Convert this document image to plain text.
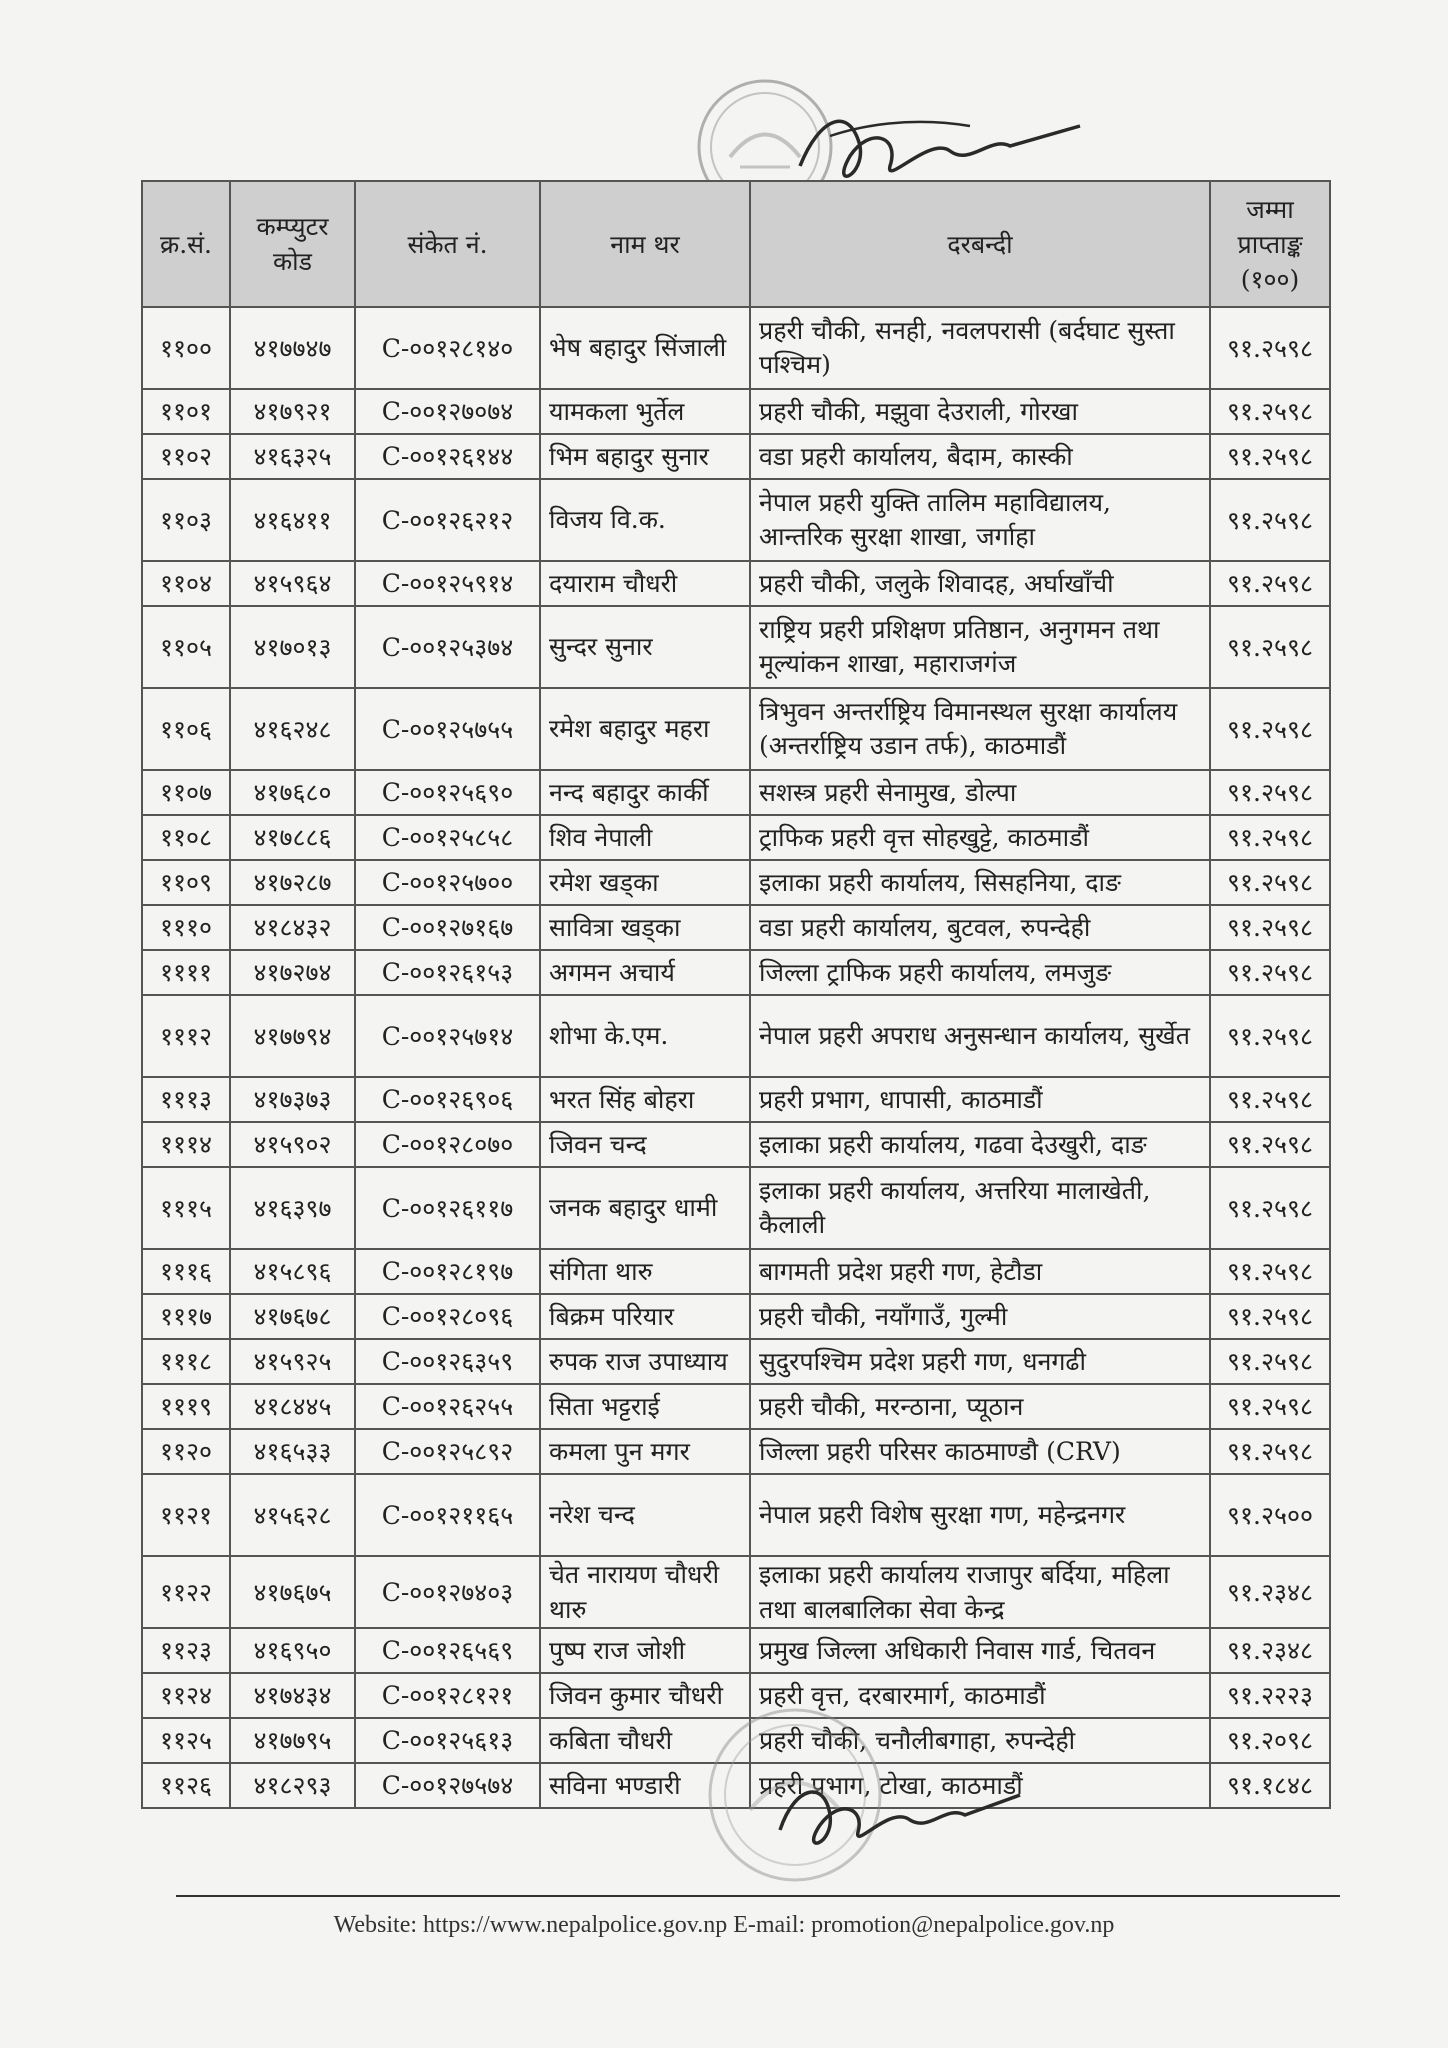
क्र.सं.	कम्प्युटर कोड	संकेत नं.	नाम थर	दरबन्दी	जम्मा प्राप्ताङ्क (१००)
११००	४१७७४७	C-००१२८१४०	भेष बहादुर सिंजाली	प्रहरी चौकी, सनही, नवलपरासी (बर्दघाट सुस्ता पश्चिम)	९१.२५९८
११०१	४१७९२१	C-००१२७०७४	यामकला भुर्तेल	प्रहरी चौकी, मझुवा देउराली, गोरखा	९१.२५९८
११०२	४१६३२५	C-००१२६१४४	भिम बहादुर सुनार	वडा प्रहरी कार्यालय, बैदाम, कास्की	९१.२५९८
११०३	४१६४११	C-००१२६२१२	विजय वि.क.	नेपाल प्रहरी युक्ति तालिम महाविद्यालय, आन्तरिक सुरक्षा शाखा, जर्गाहा	९१.२५९८
११०४	४१५९६४	C-००१२५९१४	दयाराम चौधरी	प्रहरी चौकी, जलुके शिवादह, अर्घाखाँची	९१.२५९८
११०५	४१७०१३	C-००१२५३७४	सुन्दर सुनार	राष्ट्रिय प्रहरी प्रशिक्षण प्रतिष्ठान, अनुगमन तथा मूल्यांकन शाखा, महाराजगंज	९१.२५९८
११०६	४१६२४८	C-००१२५७५५	रमेश बहादुर महरा	त्रिभुवन अन्तर्राष्ट्रिय विमानस्थल सुरक्षा कार्यालय (अन्तर्राष्ट्रिय उडान तर्फ), काठमाडौं	९१.२५९८
११०७	४१७६८०	C-००१२५६९०	नन्द बहादुर कार्की	सशस्त्र प्रहरी सेनामुख, डोल्पा	९१.२५९८
११०८	४१७८८६	C-००१२५८५८	शिव नेपाली	ट्राफिक प्रहरी वृत्त सोहखुट्टे, काठमाडौं	९१.२५९८
११०९	४१७२८७	C-००१२५७००	रमेश खड्का	इलाका प्रहरी कार्यालय, सिसहनिया, दाङ	९१.२५९८
१११०	४१८४३२	C-००१२७१६७	सावित्रा खड्का	वडा प्रहरी कार्यालय, बुटवल, रुपन्देही	९१.२५९८
११११	४१७२७४	C-००१२६१५३	अगमन अचार्य	जिल्ला ट्राफिक प्रहरी कार्यालय, लमजुङ	९१.२५९८
१११२	४१७७९४	C-००१२५७१४	शोभा के.एम.	नेपाल प्रहरी अपराध अनुसन्धान कार्यालय, सुर्खेत	९१.२५९८
१११३	४१७३७३	C-००१२६९०६	भरत सिंह बोहरा	प्रहरी प्रभाग, धापासी, काठमाडौं	९१.२५९८
१११४	४१५९०२	C-००१२८०७०	जिवन चन्द	इलाका प्रहरी कार्यालय, गढवा देउखुरी, दाङ	९१.२५९८
१११५	४१६३९७	C-००१२६११७	जनक बहादुर धामी	इलाका प्रहरी कार्यालय, अत्तरिया मालाखेती, कैलाली	९१.२५९८
१११६	४१५८९६	C-००१२८१९७	संगिता थारु	बागमती प्रदेश प्रहरी गण, हेटौडा	९१.२५९८
१११७	४१७६७८	C-००१२८०९६	बिक्रम परियार	प्रहरी चौकी, नयाँगाउँ, गुल्मी	९१.२५९८
१११८	४१५९२५	C-००१२६३५९	रुपक राज उपाध्याय	सुदुरपश्चिम प्रदेश प्रहरी गण, धनगढी	९१.२५९८
१११९	४१८४४५	C-००१२६२५५	सिता भट्टराई	प्रहरी चौकी, मरन्ठाना, प्यूठान	९१.२५९८
११२०	४१६५३३	C-००१२५८९२	कमला पुन मगर	जिल्ला प्रहरी परिसर काठमाण्डौ (CRV)	९१.२५९८
११२१	४१५६२८	C-००१२११६५	नरेश चन्द	नेपाल प्रहरी विशेष सुरक्षा गण, महेन्द्रनगर	९१.२५००
११२२	४१७६७५	C-००१२७४०३	चेत नारायण चौधरी थारु	इलाका प्रहरी कार्यालय राजापुर बर्दिया, महिला तथा बालबालिका सेवा केन्द्र	९१.२३४८
११२३	४१६९५०	C-००१२६५६९	पुष्प राज जोशी	प्रमुख जिल्ला अधिकारी निवास गार्ड, चितवन	९१.२३४८
११२४	४१७४३४	C-००१२८१२१	जिवन कुमार चौधरी	प्रहरी वृत्त, दरबारमार्ग, काठमाडौं	९१.२२२३
११२५	४१७७९५	C-००१२५६१३	कबिता चौधरी	प्रहरी चौकी, चनौलीबगाहा, रुपन्देही	९१.२०९८
११२६	४१८२९३	C-००१२७५७४	सविना भण्डारी	प्रहरी प्रभाग, टोखा, काठमाडौं	९१.१८४८
Website: https://www.nepalpolice.gov.np E-mail: promotion@nepalpolice.gov.np
